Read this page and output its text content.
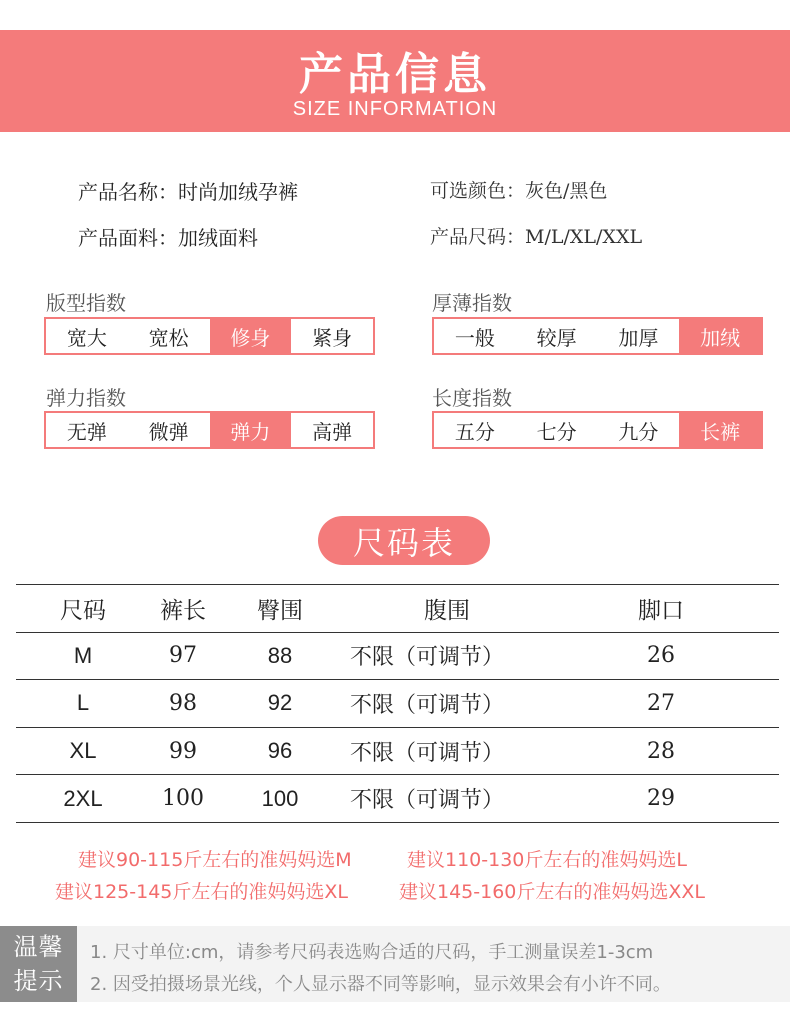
产品信息
SIZE INFORMATION
产品名称：时尚加绒孕裤
产品面料：加绒面料
可选颜色：灰色/黑色
产品尺码：M/L/XL/XXL
版型指数
宽大	宽松	修身	紧身
厚薄指数
一般	较厚	加厚	加绒
弹力指数
无弹	微弹	弹力	高弹
长度指数
五分	七分	九分	长裤
尺码表
尺码	裤长	臀围	腹围	脚口
M	97	88	不限（可调节）	26
L	98	92	不限（可调节）	27
XL	99	96	不限（可调节）	28
2XL	100	100	不限（可调节）	29
建议90-115斤左右的准妈妈选M	建议110-130斤左右的准妈妈选L
建议125-145斤左右的准妈妈选XL	建议145-160斤左右的准妈妈选XXL
温馨
提示
1. 尺寸单位:cm，请参考尺码表选购合适的尺码，手工测量误差1-3cm
2. 因受拍摄场景光线，个人显示器不同等影响，显示效果会有小许不同。
